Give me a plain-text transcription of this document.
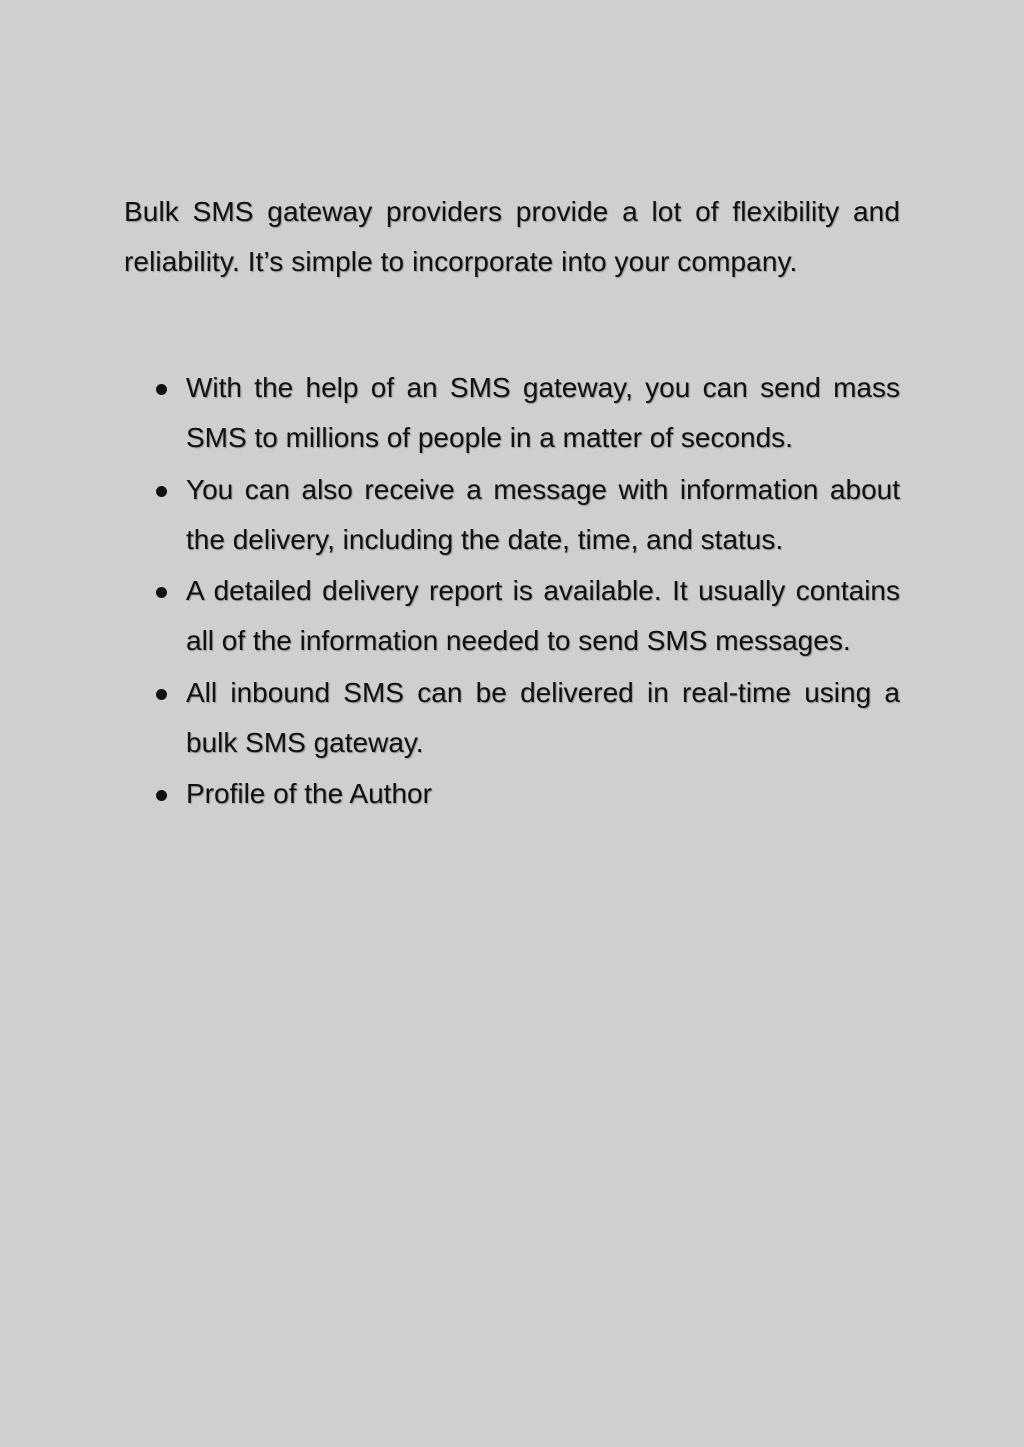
Bulk SMS gateway providers provide a lot of flexibility and reliability. It’s simple to incorporate into your company.

With the help of an SMS gateway, you can send mass SMS to millions of people in a matter of seconds.
You can also receive a message with information about the delivery, including the date, time, and status.
A detailed delivery report is available. It usually contains all of the information needed to send SMS messages.
All inbound SMS can be delivered in real-time using a bulk SMS gateway.
Profile of the Author
